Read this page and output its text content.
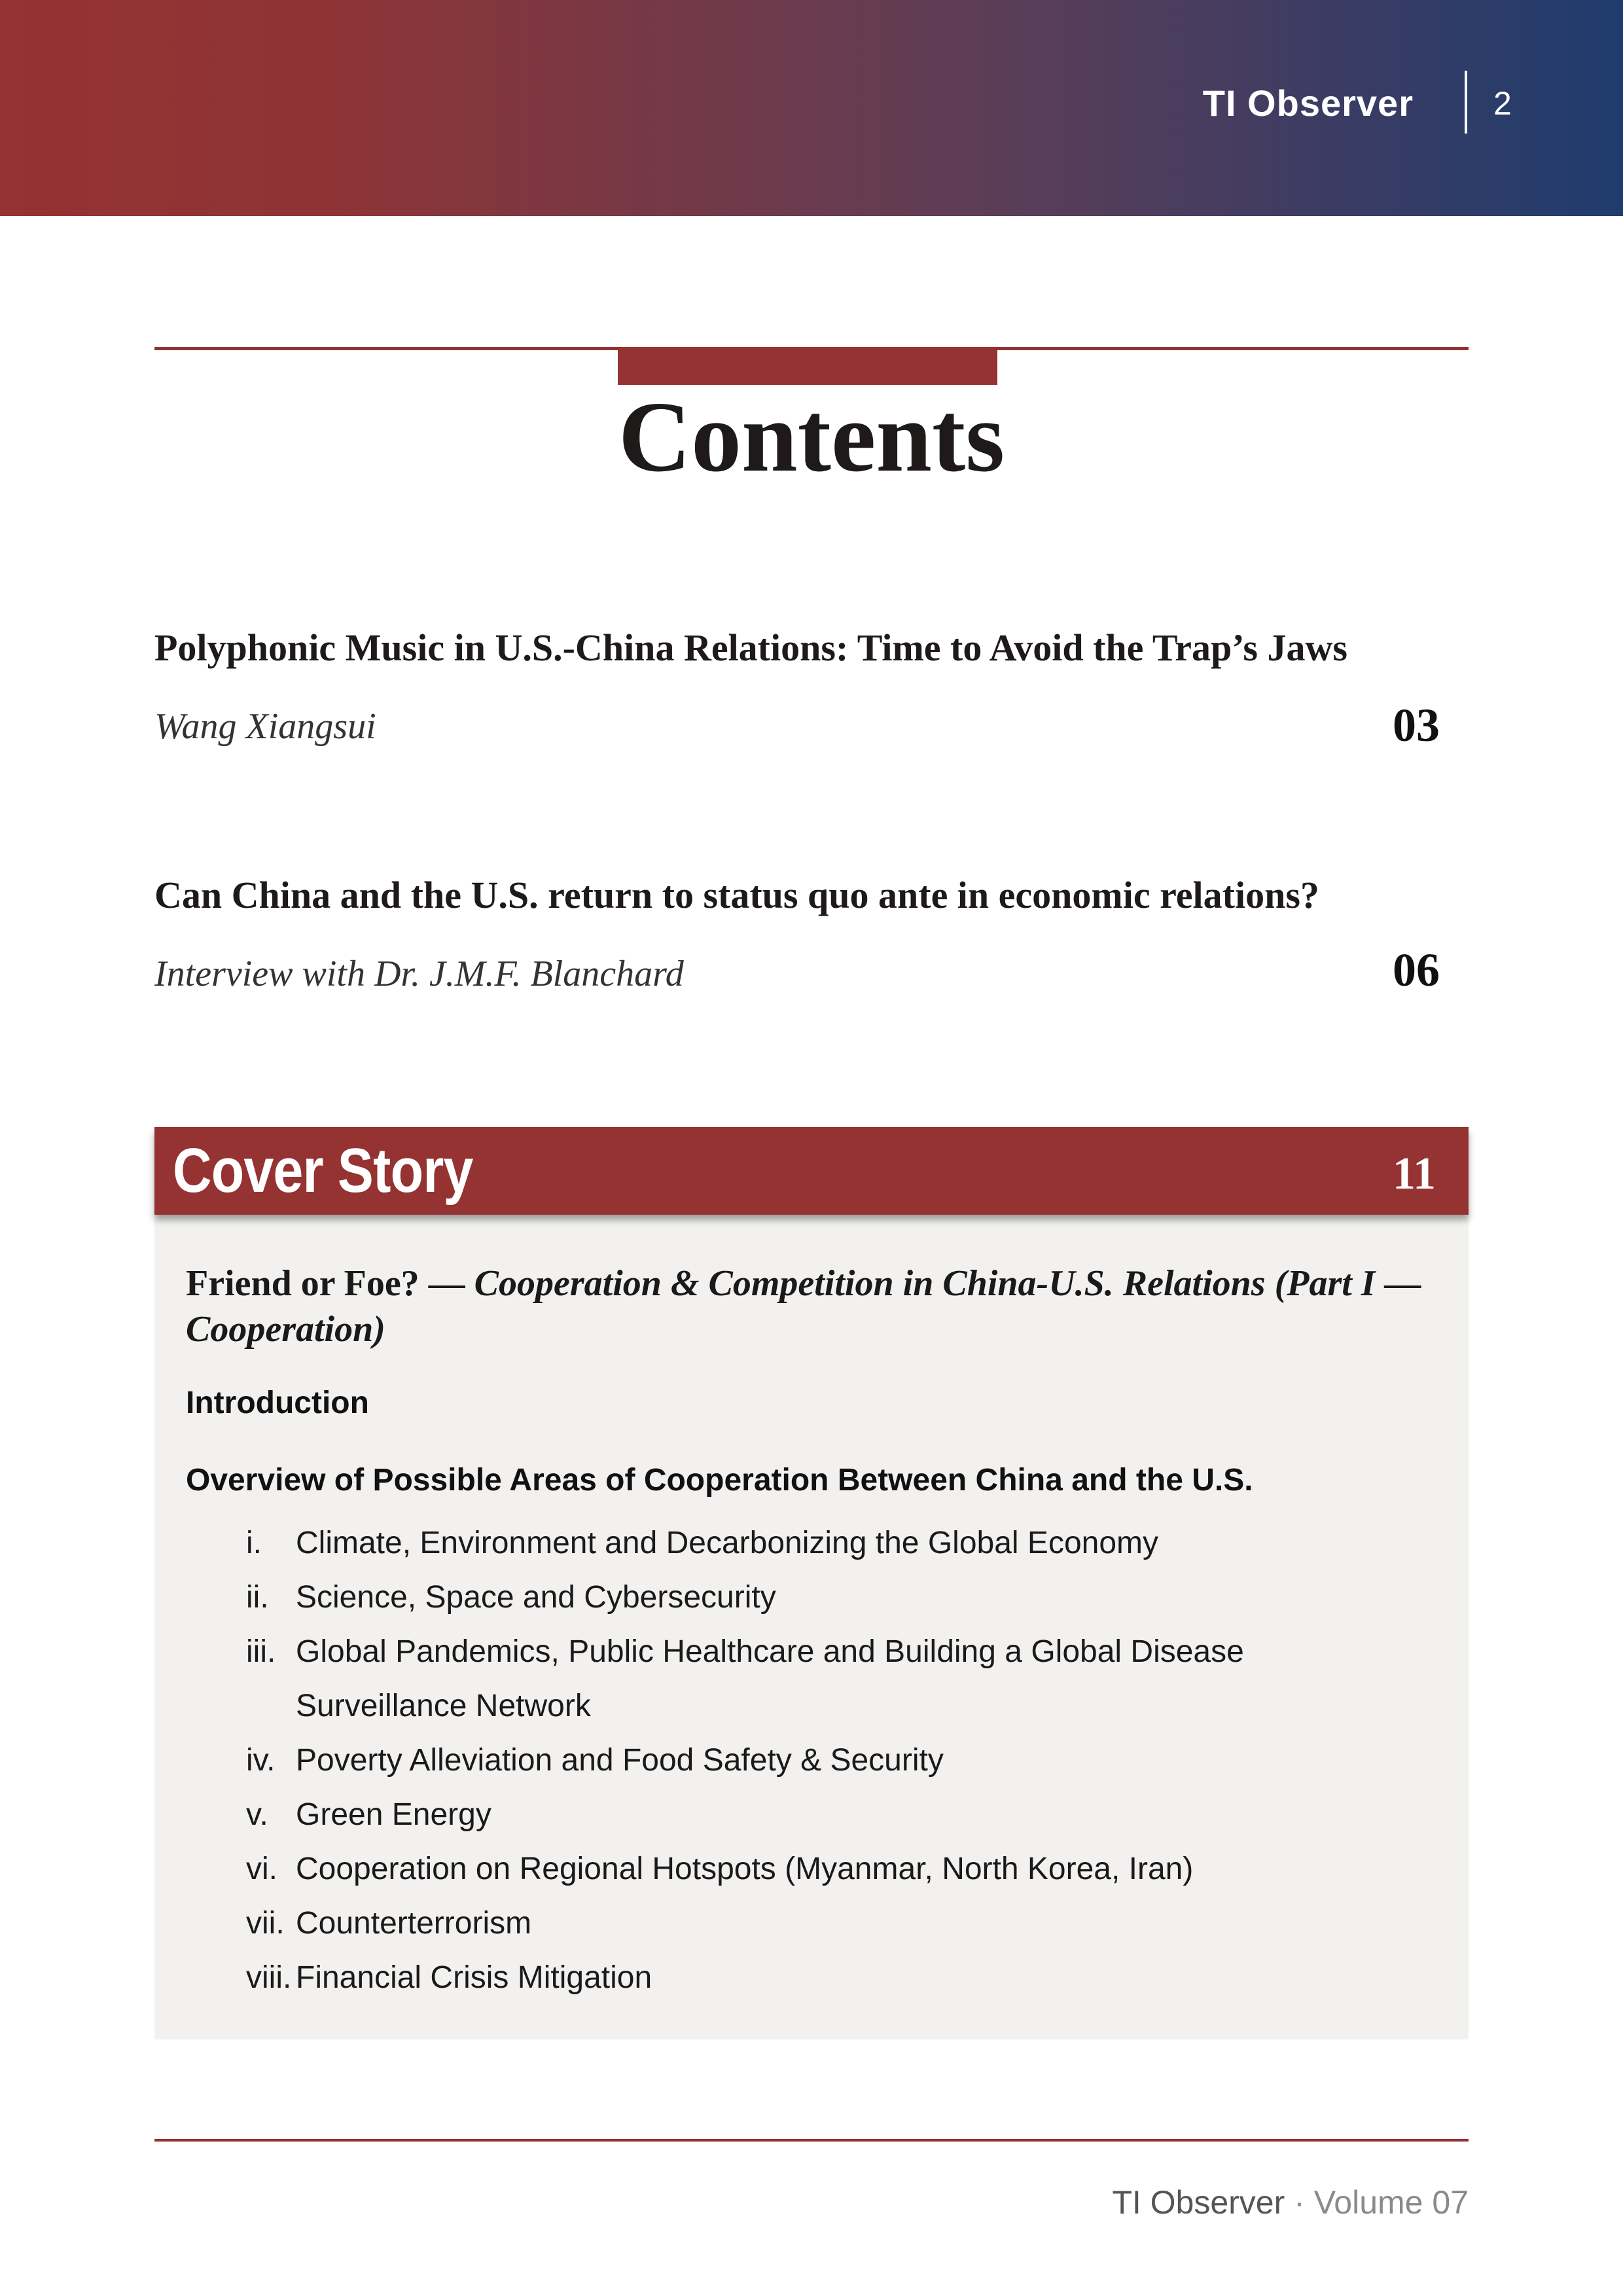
TI Observer 2
Contents
Polyphonic Music in U.S.-China Relations: Time to Avoid the Trap’s Jaws
Wang Xiangsui	03
Can China and the U.S. return to status quo ante in economic relations?
Interview with Dr. J.M.F. Blanchard	06
Cover Story	11
Friend or Foe? — Cooperation & Competition in China-U.S. Relations (Part I — Cooperation)
Introduction
Overview of Possible Areas of Cooperation Between China and the U.S.
i. Climate, Environment and Decarbonizing the Global Economy
ii. Science, Space and Cybersecurity
iii. Global Pandemics, Public Healthcare and Building a Global Disease Surveillance Network
iv. Poverty Alleviation and Food Safety & Security
v. Green Energy
vi. Cooperation on Regional Hotspots (Myanmar, North Korea, Iran)
vii. Counterterrorism
viii. Financial Crisis Mitigation
TI Observer · Volume 07
